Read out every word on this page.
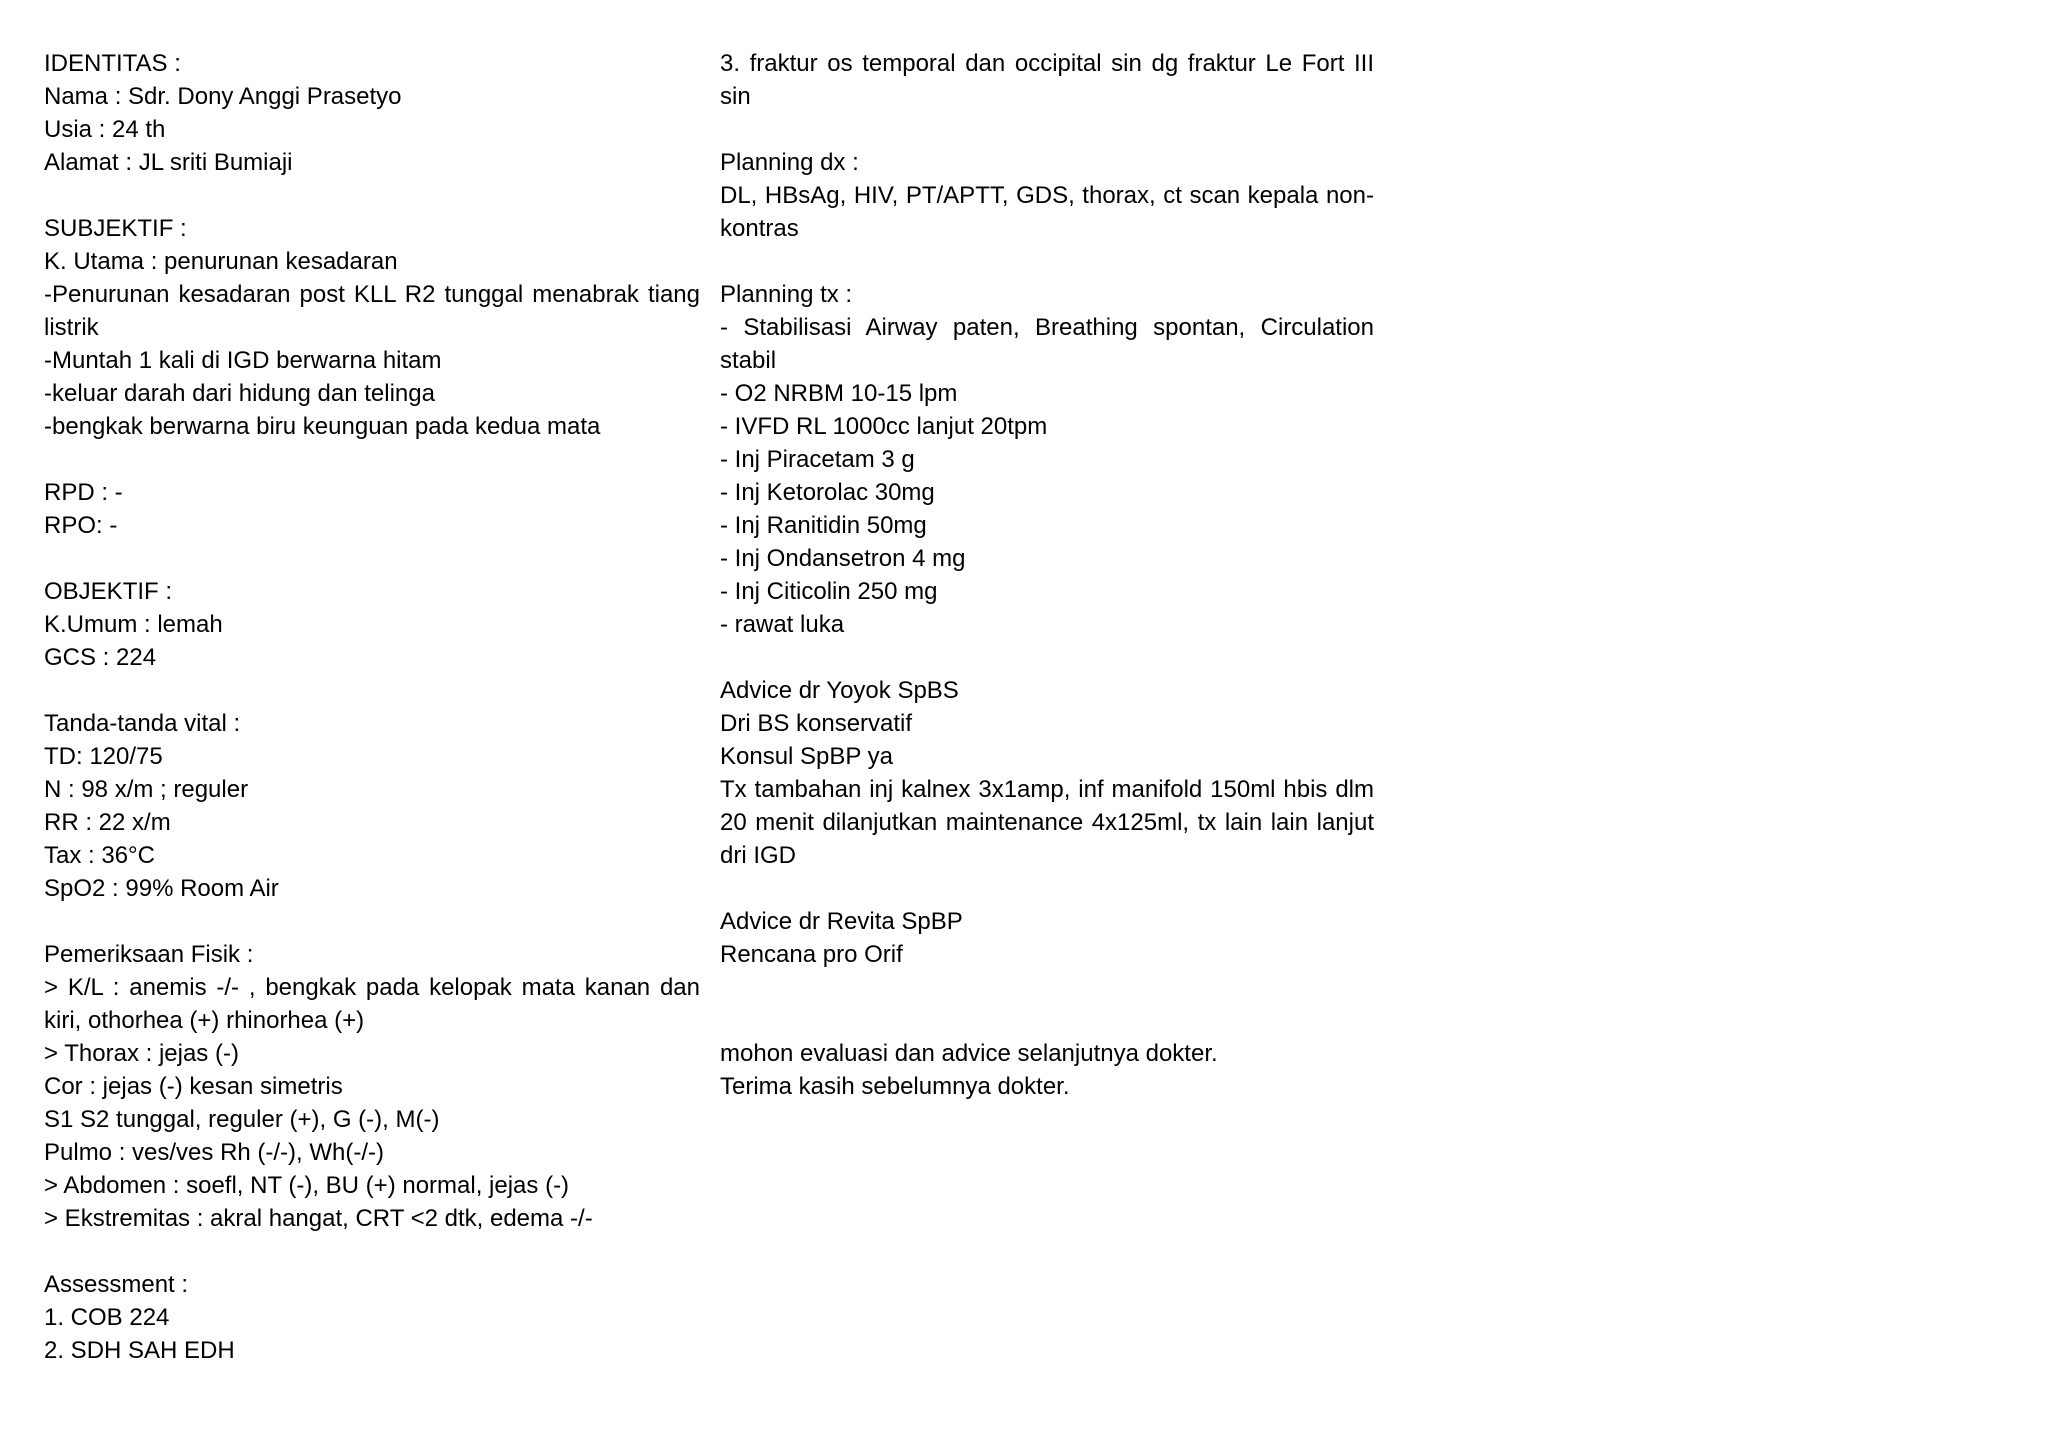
IDENTITAS :
Nama : Sdr. Dony Anggi Prasetyo
Usia : 24 th
Alamat : JL sriti Bumiaji
SUBJEKTIF :
K. Utama : penurunan kesadaran
-Penurunan kesadaran post KLL R2 tunggal menabrak tiang listrik
-Muntah 1 kali di IGD berwarna hitam
-keluar darah dari hidung dan telinga
-bengkak berwarna biru keunguan pada kedua mata
RPD : -
RPO: -
OBJEKTIF :
K.Umum : lemah
GCS : 224
Tanda-tanda vital :
TD: 120/75
N : 98 x/m ; reguler
RR : 22 x/m
Tax : 36°C
SpO2 : 99% Room Air
Pemeriksaan Fisik :
> K/L : anemis -/- , bengkak pada kelopak mata kanan dan kiri, othorhea (+) rhinorhea (+)
> Thorax : jejas (-)
Cor : jejas (-) kesan simetris
S1 S2 tunggal, reguler (+), G (-), M(-)
Pulmo : ves/ves Rh (-/-), Wh(-/-)
> Abdomen : soefl, NT (-), BU (+) normal, jejas (-)
> Ekstremitas : akral hangat, CRT <2 dtk, edema -/-
Assessment :
1. COB 224
2. SDH SAH EDH
3. fraktur os temporal dan occipital sin dg fraktur Le Fort III sin
Planning dx :
DL, HBsAg, HIV, PT/APTT, GDS, thorax, ct scan kepala non-kontras
Planning tx :
- Stabilisasi Airway paten, Breathing spontan, Circulation stabil
- O2 NRBM 10-15 lpm
- IVFD RL 1000cc lanjut 20tpm
- Inj Piracetam 3 g
- Inj Ketorolac 30mg
- Inj Ranitidin 50mg
- Inj Ondansetron 4 mg
- Inj Citicolin 250 mg
- rawat luka
Advice dr Yoyok SpBS
Dri BS konservatif
Konsul SpBP ya
Tx tambahan inj kalnex 3x1amp, inf manifold 150ml hbis dlm 20 menit dilanjutkan maintenance 4x125ml, tx lain lain lanjut dri IGD
Advice dr Revita SpBP
Rencana pro Orif
mohon evaluasi dan advice selanjutnya dokter.
Terima kasih sebelumnya dokter.
